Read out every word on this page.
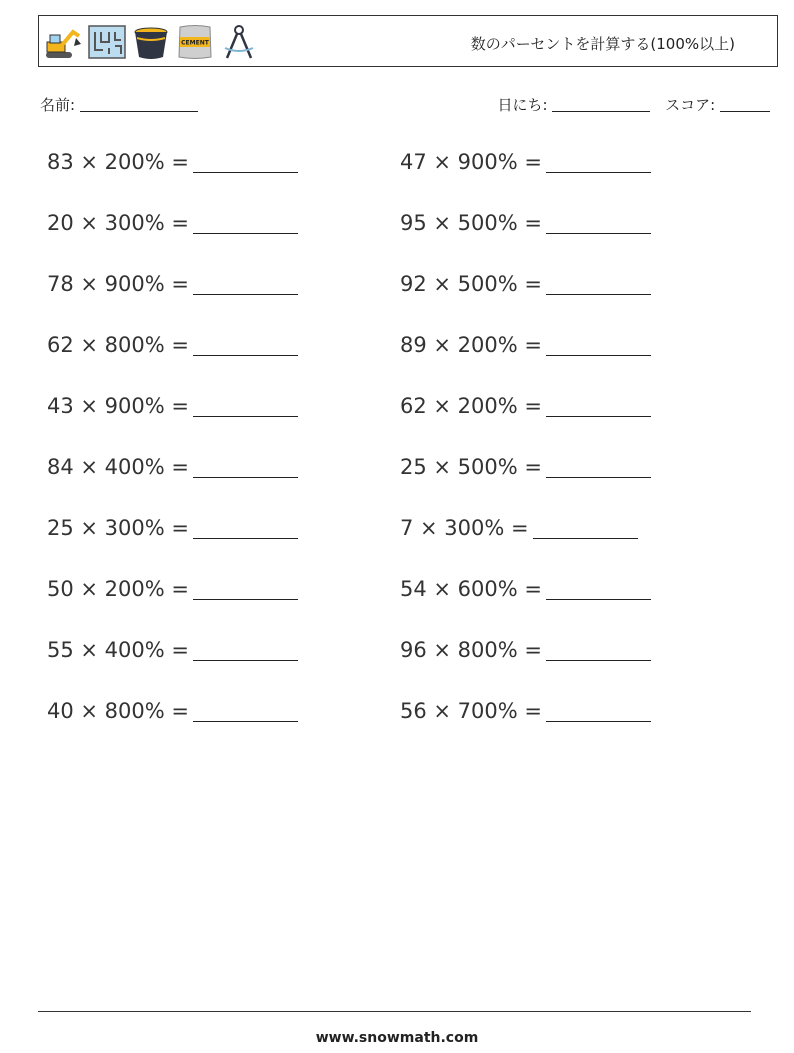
CEMENT	数のパーセントを計算する(100%以上)
名前:	日にち:	スコア:
83 × 200% =
20 × 300% =
78 × 900% =
62 × 800% =
43 × 900% =
84 × 400% =
25 × 300% =
50 × 200% =
55 × 400% =
40 × 800% =
47 × 900% =
95 × 500% =
92 × 500% =
89 × 200% =
62 × 200% =
25 × 500% =
7 × 300% =
54 × 600% =
96 × 800% =
56 × 700% =
www.snowmath.com
